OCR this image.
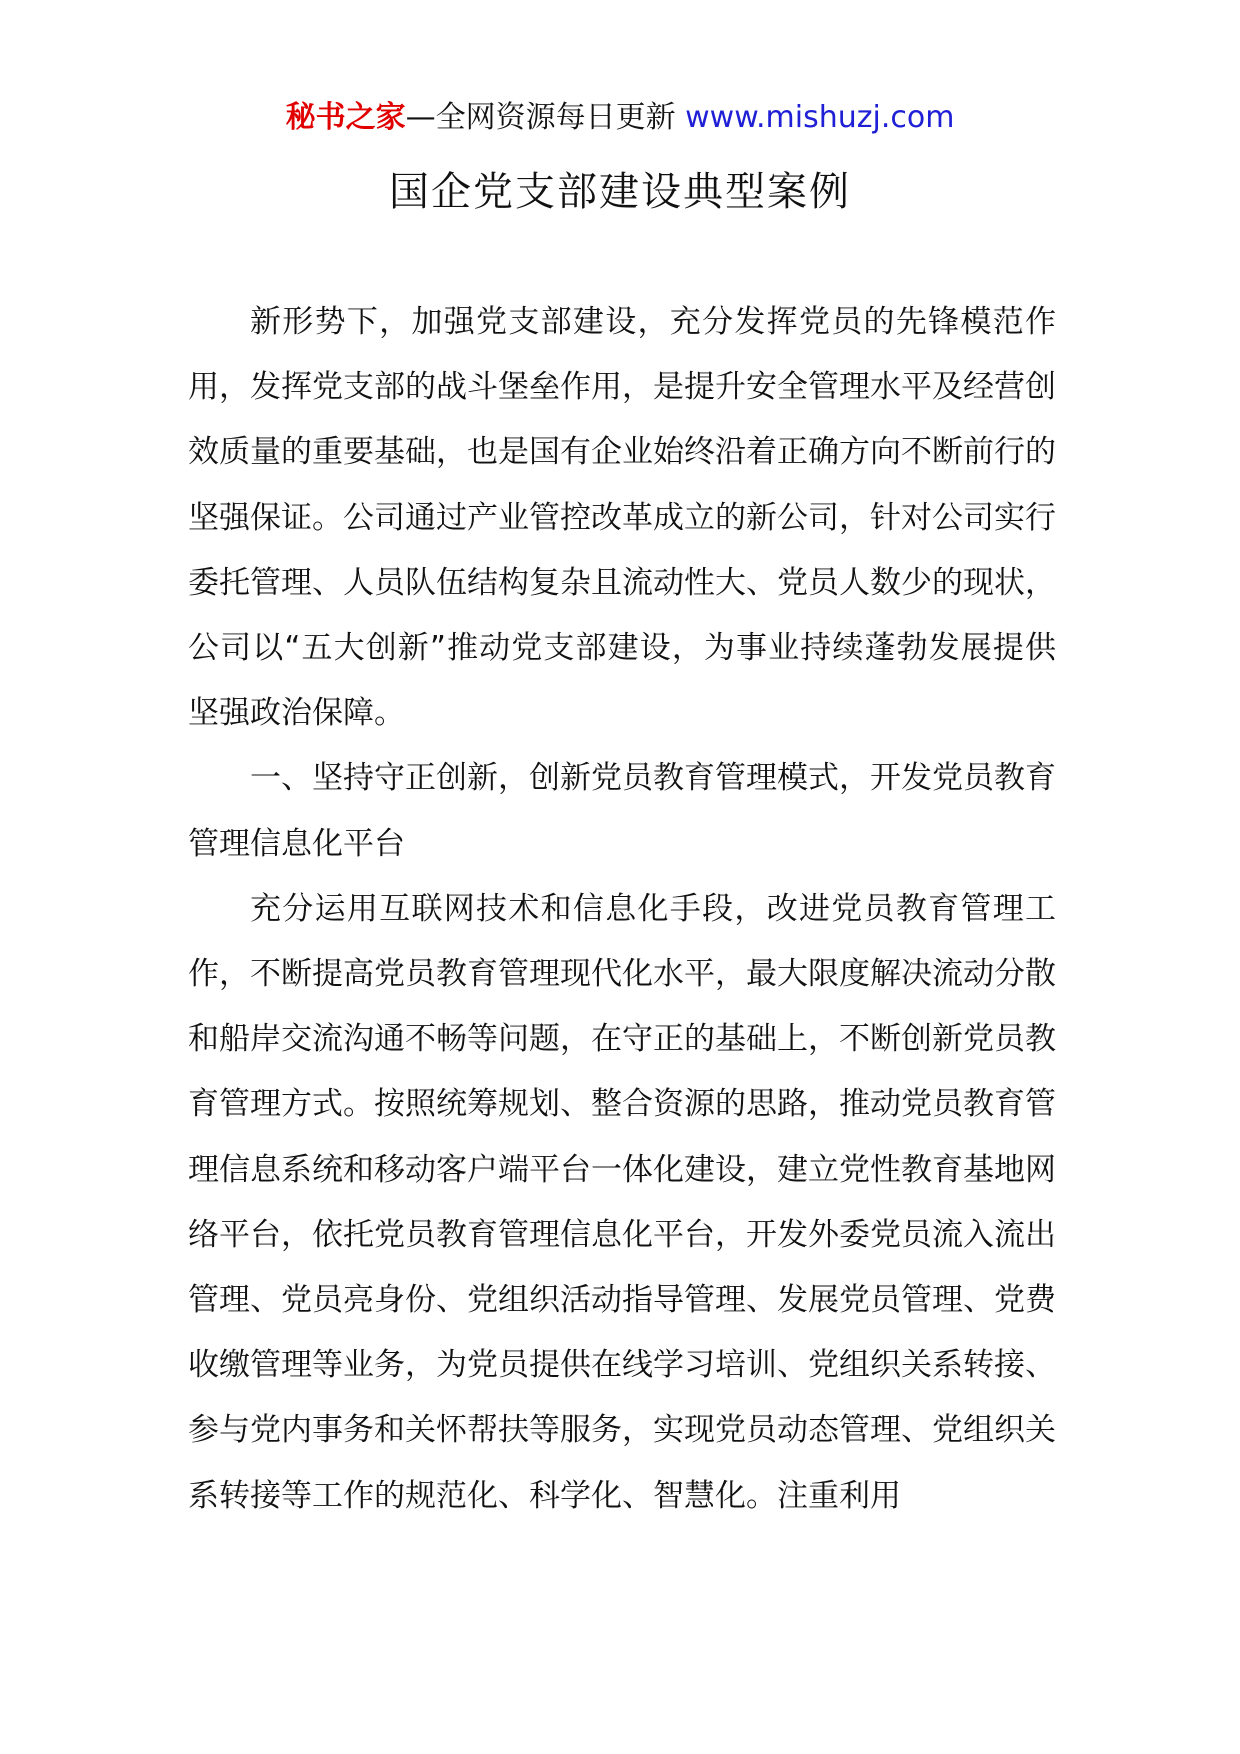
秘书之家—全网资源每日更新 www.mishuzj.com
国企党支部建设典型案例

新形势下，加强党支部建设，充分发挥党员的先锋模范作用，发挥党支部的战斗堡垒作用，是提升安全管理水平及经营创效质量的重要基础，也是国有企业始终沿着正确方向不断前行的坚强保证。公司通过产业管控改革成立的新公司，针对公司实行委托管理、人员队伍结构复杂且流动性大、党员人数少的现状，公司以“五大创新”推动党支部建设，为事业持续蓬勃发展提供坚强政治保障。

一、坚持守正创新，创新党员教育管理模式，开发党员教育管理信息化平台

充分运用互联网技术和信息化手段，改进党员教育管理工作，不断提高党员教育管理现代化水平，最大限度解决流动分散和船岸交流沟通不畅等问题，在守正的基础上，不断创新党员教育管理方式。按照统筹规划、整合资源的思路，推动党员教育管理信息系统和移动客户端平台一体化建设，建立党性教育基地网络平台，依托党员教育管理信息化平台，开发外委党员流入流出管理、党员亮身份、党组织活动指导管理、发展党员管理、党费收缴管理等业务，为党员提供在线学习培训、党组织关系转接、参与党内事务和关怀帮扶等服务，实现党员动态管理、党组织关系转接等工作的规范化、科学化、智慧化。注重利用
